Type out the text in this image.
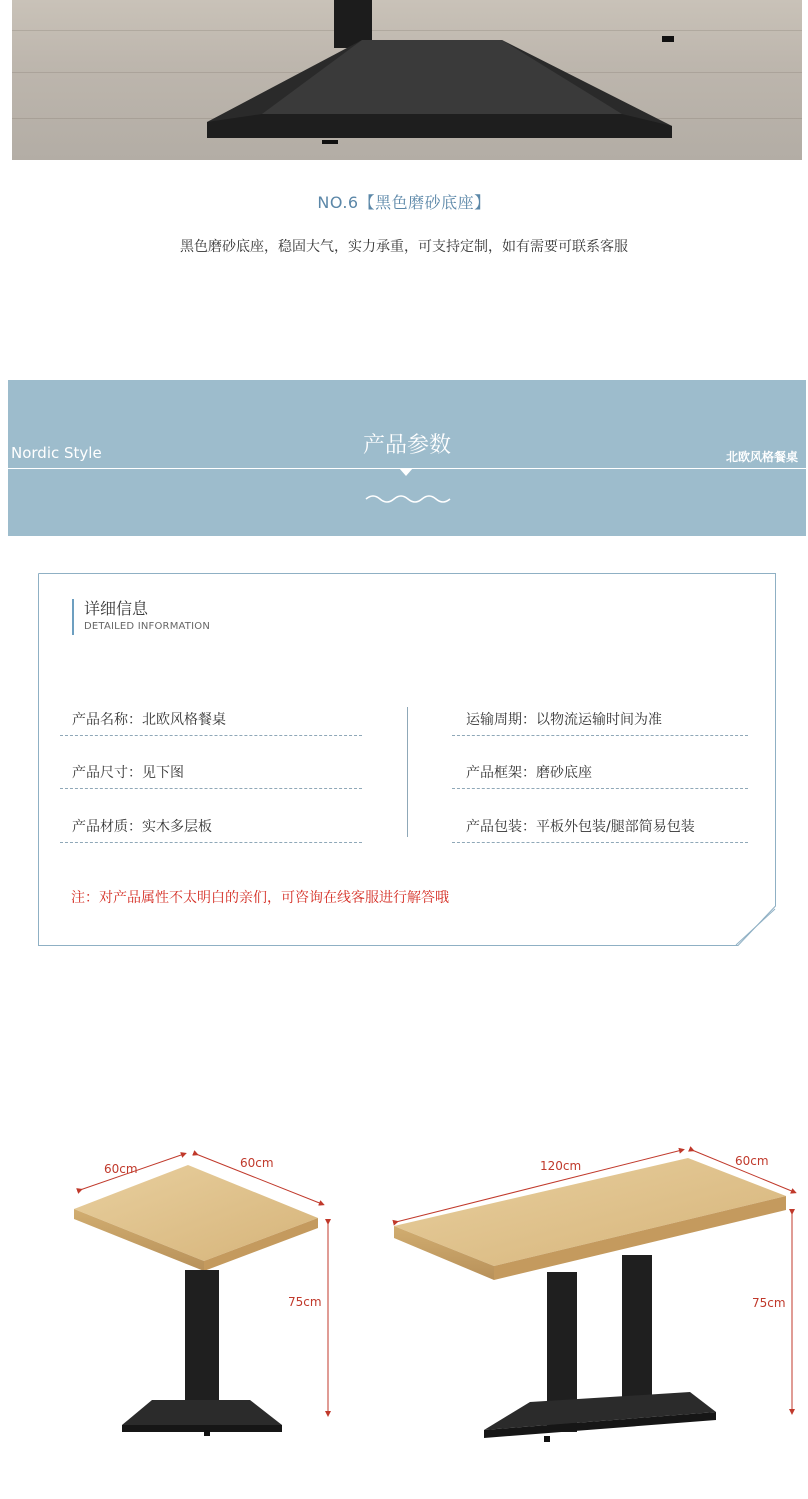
NO.6【黑色磨砂底座】
黑色磨砂底座，稳固大气，实力承重，可支持定制，如有需要可联系客服
Nordic Style	产品参数	北欧风格餐桌
详细信息
DETAILED INFORMATION
产品名称：北欧风格餐桌
产品尺寸：见下图
产品材质：实木多层板
运输周期：以物流运输时间为准
产品框架：磨砂底座
产品包装：平板外包装/腿部简易包装
注：对产品属性不太明白的亲们，可咨询在线客服进行解答哦
60cm	60cm
75cm
120cm	60cm
75cm
